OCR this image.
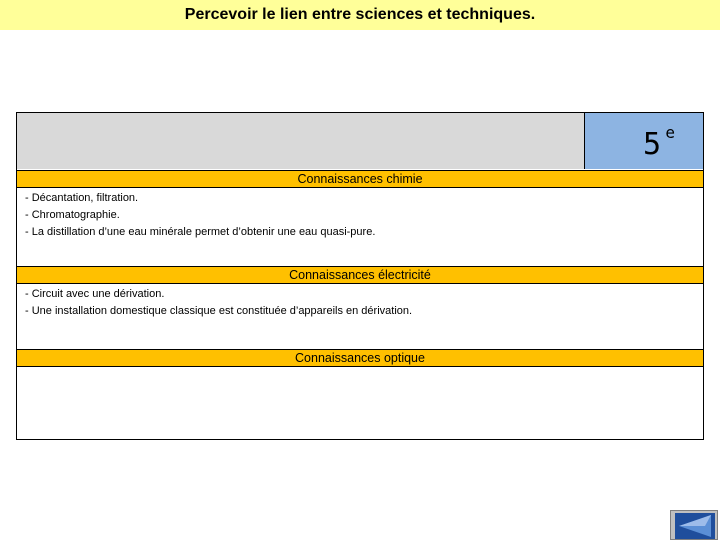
Percevoir le lien entre sciences et techniques.
5 e
Connaissances chimie
- Décantation, filtration.
- Chromatographie.
- La distillation d’une eau minérale permet d’obtenir une eau quasi-pure.
Connaissances électricité
- Circuit avec une dérivation.
- Une installation domestique classique est constituée d’appareils en dérivation.
Connaissances optique
